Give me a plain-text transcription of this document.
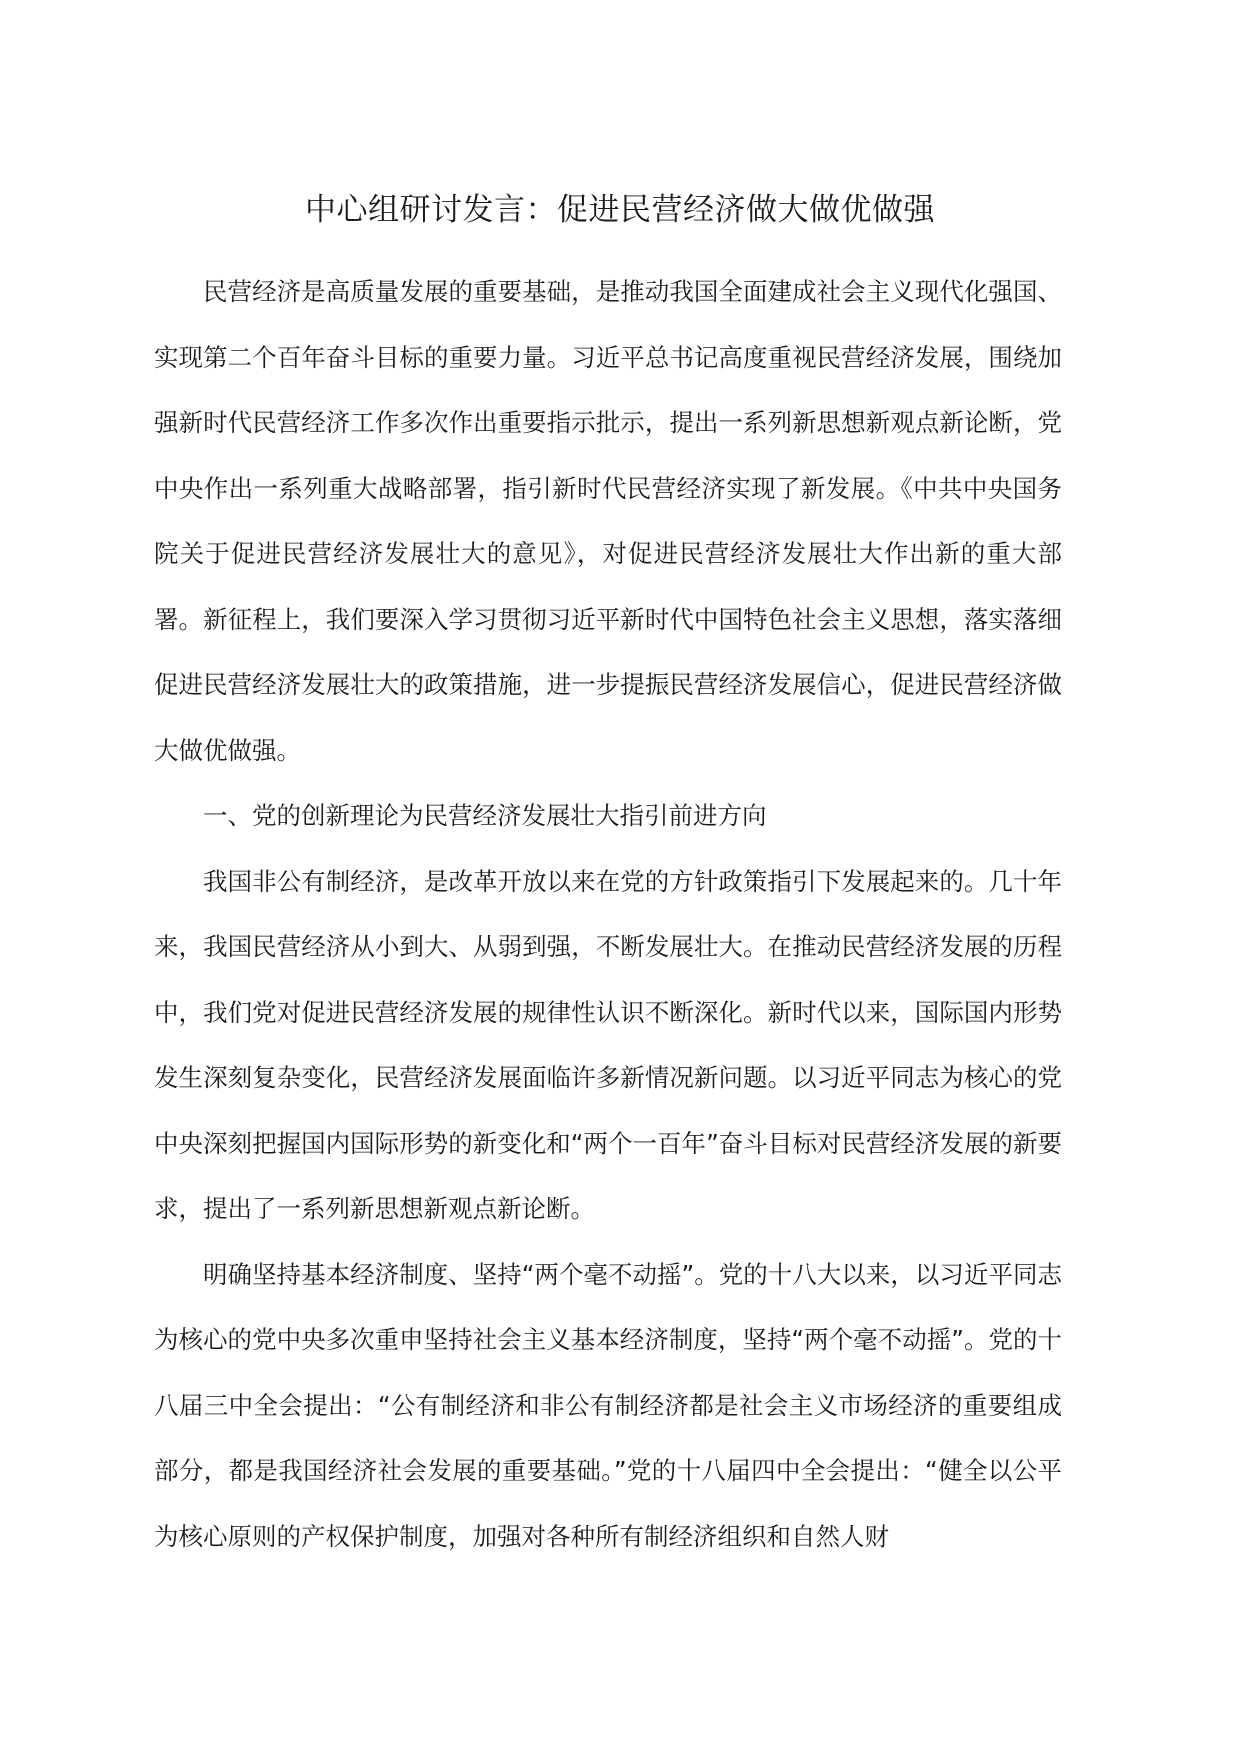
中心组研讨发言：促进民营经济做大做优做强

民营经济是高质量发展的重要基础，是推动我国全面建成社会主义现代化强国、实现第二个百年奋斗目标的重要力量。习近平总书记高度重视民营经济发展，围绕加强新时代民营经济工作多次作出重要指示批示，提出一系列新思想新观点新论断，党中央作出一系列重大战略部署，指引新时代民营经济实现了新发展。《中共中央国务院关于促进民营经济发展壮大的意见》，对促进民营经济发展壮大作出新的重大部署。新征程上，我们要深入学习贯彻习近平新时代中国特色社会主义思想，落实落细促进民营经济发展壮大的政策措施，进一步提振民营经济发展信心，促进民营经济做大做优做强。

一、党的创新理论为民营经济发展壮大指引前进方向

我国非公有制经济，是改革开放以来在党的方针政策指引下发展起来的。几十年来，我国民营经济从小到大、从弱到强，不断发展壮大。在推动民营经济发展的历程中，我们党对促进民营经济发展的规律性认识不断深化。新时代以来，国际国内形势发生深刻复杂变化，民营经济发展面临许多新情况新问题。以习近平同志为核心的党中央深刻把握国内国际形势的新变化和“两个一百年”奋斗目标对民营经济发展的新要求，提出了一系列新思想新观点新论断。

明确坚持基本经济制度、坚持“两个毫不动摇”。党的十八大以来，以习近平同志为核心的党中央多次重申坚持社会主义基本经济制度，坚持“两个毫不动摇”。党的十八届三中全会提出：“公有制经济和非公有制经济都是社会主义市场经济的重要组成部分，都是我国经济社会发展的重要基础。”党的十八届四中全会提出：“健全以公平为核心原则的产权保护制度，加强对各种所有制经济组织和自然人财
